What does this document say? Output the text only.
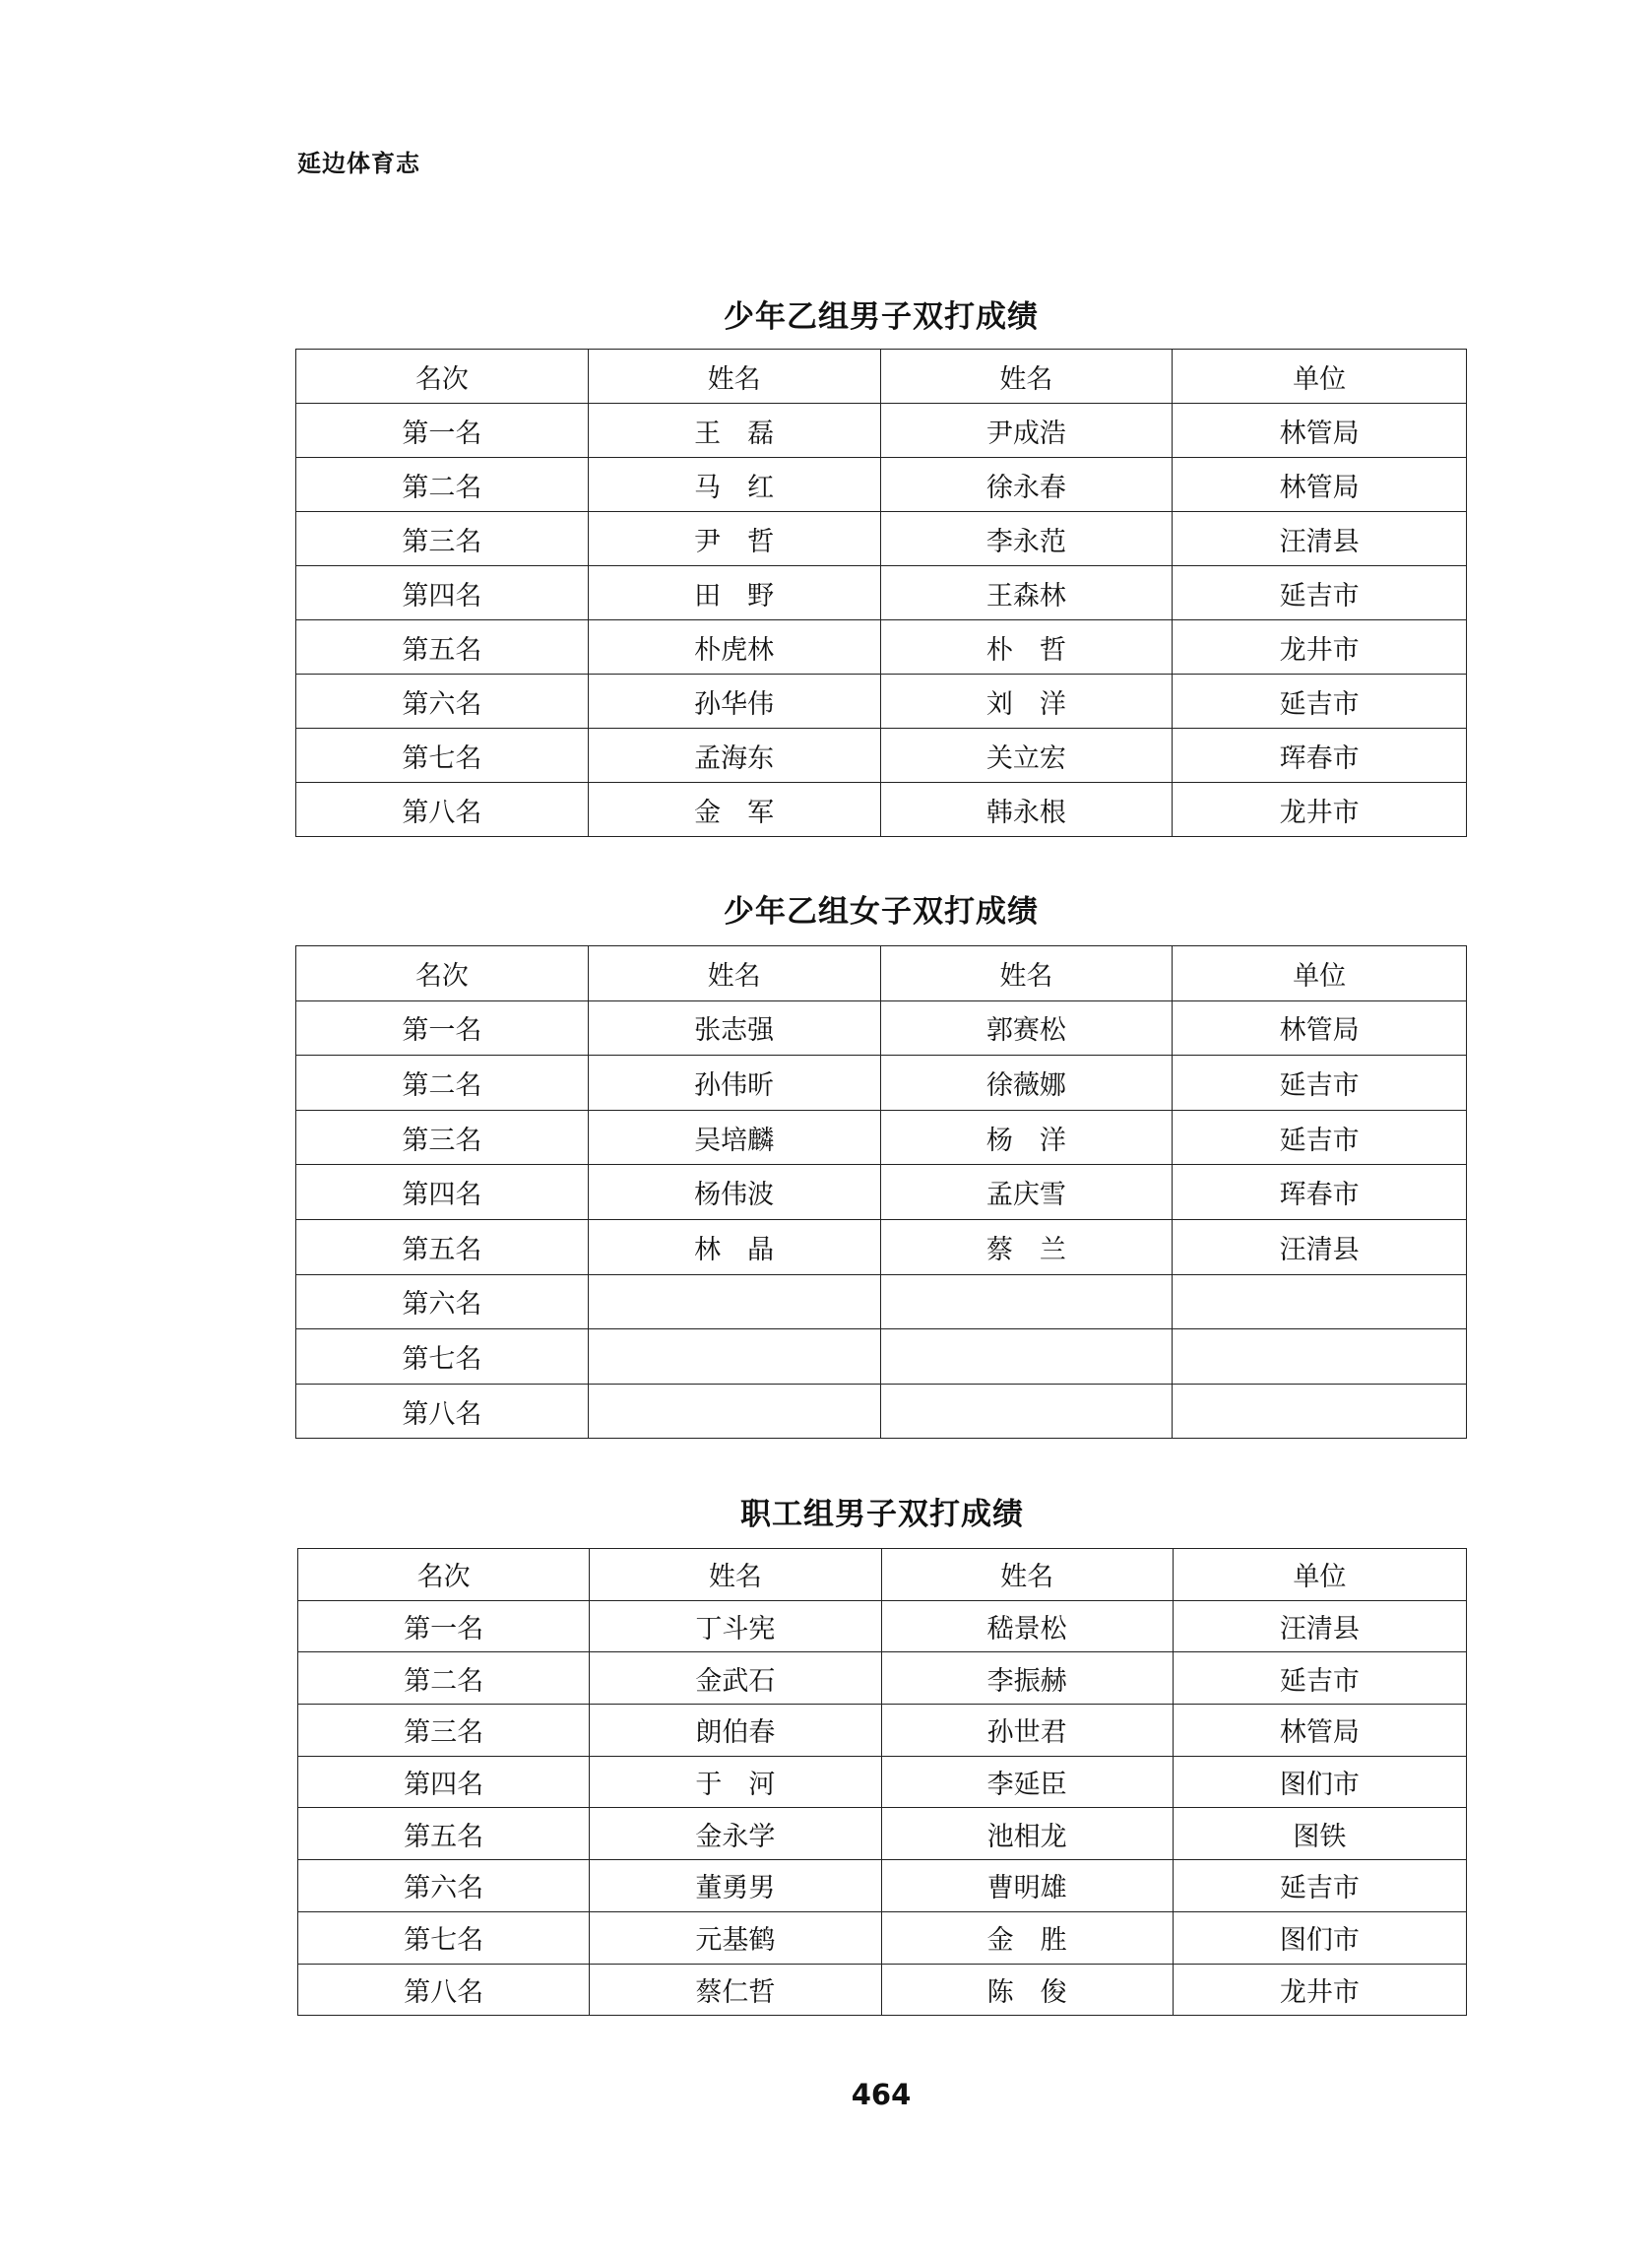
延边体育志
少年乙组男子双打成绩
名次	姓名	姓名	单位
第一名	王　磊	尹成浩	林管局
第二名	马　红	徐永春	林管局
第三名	尹　哲	李永范	汪清县
第四名	田　野	王森林	延吉市
第五名	朴虎林	朴　哲	龙井市
第六名	孙华伟	刘　洋	延吉市
第七名	孟海东	关立宏	珲春市
第八名	金　军	韩永根	龙井市
少年乙组女子双打成绩
名次	姓名	姓名	单位
第一名	张志强	郭赛松	林管局
第二名	孙伟昕	徐薇娜	延吉市
第三名	吴培麟	杨　洋	延吉市
第四名	杨伟波	孟庆雪	珲春市
第五名	林　晶	蔡　兰	汪清县
第六名			
第七名			
第八名			
职工组男子双打成绩
名次	姓名	姓名	单位
第一名	丁斗宪	嵇景松	汪清县
第二名	金武石	李振赫	延吉市
第三名	朗伯春	孙世君	林管局
第四名	于　河	李延臣	图们市
第五名	金永学	池相龙	图铁
第六名	董勇男	曹明雄	延吉市
第七名	元基鹤	金　胜	图们市
第八名	蔡仁哲	陈　俊	龙井市
464
